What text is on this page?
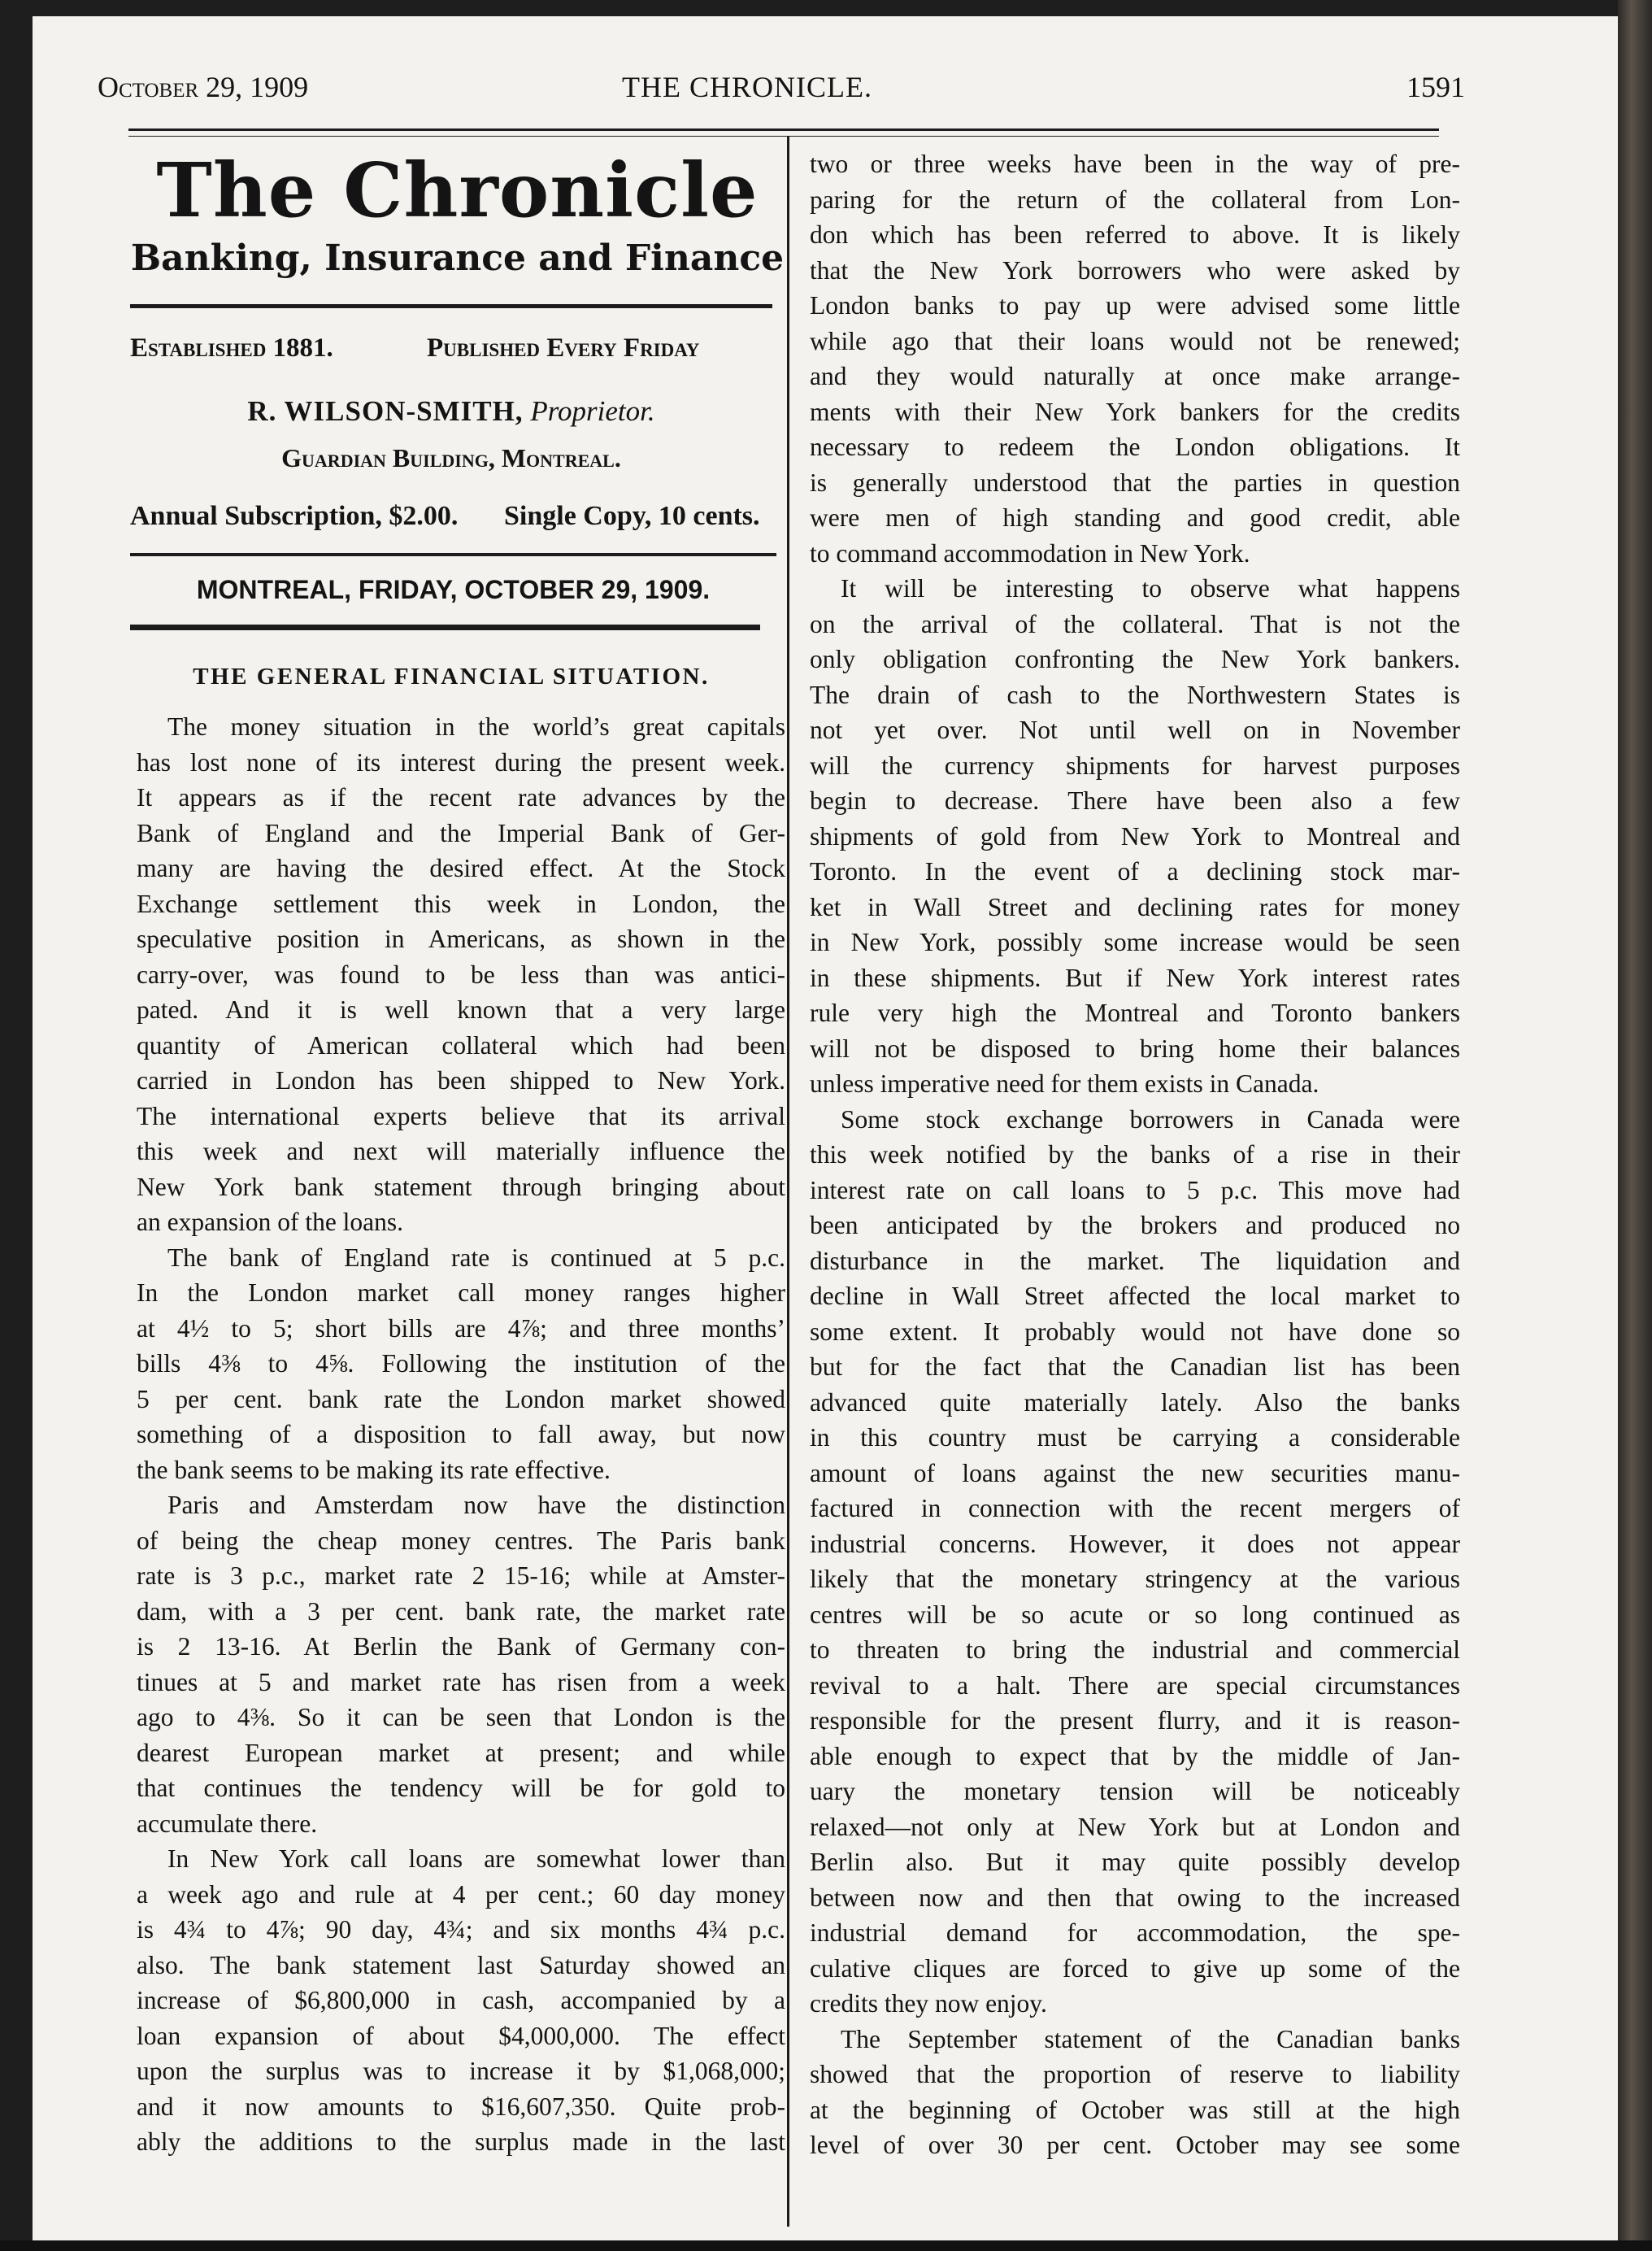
October 29, 1909	THE CHRONICLE.	1591
The Chronicle
Banking, Insurance and Finance
Established 1881.	Published Every Friday
R. WILSON-SMITH, Proprietor.
Guardian Building, Montreal.
Annual Subscription, $2.00. Single Copy, 10 cents.
MONTREAL, FRIDAY, OCTOBER 29, 1909.
THE GENERAL FINANCIAL SITUATION.
The money situation in the world’s great capitals
has lost none of its interest during the present week.
It appears as if the recent rate advances by the
Bank of England and the Imperial Bank of Ger-
many are having the desired effect. At the Stock
Exchange settlement this week in London, the
speculative position in Americans, as shown in the
carry-over, was found to be less than was antici-
pated. And it is well known that a very large
quantity of American collateral which had been
carried in London has been shipped to New York.
The international experts believe that its arrival
this week and next will materially influence the
New York bank statement through bringing about
an expansion of the loans.
The bank of England rate is continued at 5 p.c.
In the London market call money ranges higher
at 4½ to 5; short bills are 4⅞; and three months’
bills 4⅜ to 4⅝. Following the institution of the
5 per cent. bank rate the London market showed
something of a disposition to fall away, but now
the bank seems to be making its rate effective.
Paris and Amsterdam now have the distinction
of being the cheap money centres. The Paris bank
rate is 3 p.c., market rate 2 15-16; while at Amster-
dam, with a 3 per cent. bank rate, the market rate
is 2 13-16. At Berlin the Bank of Germany con-
tinues at 5 and market rate has risen from a week
ago to 4⅜. So it can be seen that London is the
dearest European market at present; and while
that continues the tendency will be for gold to
accumulate there.
In New York call loans are somewhat lower than
a week ago and rule at 4 per cent.; 60 day money
is 4¾ to 4⅞; 90 day, 4¾; and six months 4¾ p.c.
also. The bank statement last Saturday showed an
increase of $6,800,000 in cash, accompanied by a
loan expansion of about $4,000,000. The effect
upon the surplus was to increase it by $1,068,000;
and it now amounts to $16,607,350. Quite prob-
ably the additions to the surplus made in the last
two or three weeks have been in the way of pre-
paring for the return of the collateral from Lon-
don which has been referred to above. It is likely
that the New York borrowers who were asked by
London banks to pay up were advised some little
while ago that their loans would not be renewed;
and they would naturally at once make arrange-
ments with their New York bankers for the credits
necessary to redeem the London obligations. It
is generally understood that the parties in question
were men of high standing and good credit, able
to command accommodation in New York.
It will be interesting to observe what happens
on the arrival of the collateral. That is not the
only obligation confronting the New York bankers.
The drain of cash to the Northwestern States is
not yet over. Not until well on in November
will the currency shipments for harvest purposes
begin to decrease. There have been also a few
shipments of gold from New York to Montreal and
Toronto. In the event of a declining stock mar-
ket in Wall Street and declining rates for money
in New York, possibly some increase would be seen
in these shipments. But if New York interest rates
rule very high the Montreal and Toronto bankers
will not be disposed to bring home their balances
unless imperative need for them exists in Canada.
Some stock exchange borrowers in Canada were
this week notified by the banks of a rise in their
interest rate on call loans to 5 p.c. This move had
been anticipated by the brokers and produced no
disturbance in the market. The liquidation and
decline in Wall Street affected the local market to
some extent. It probably would not have done so
but for the fact that the Canadian list has been
advanced quite materially lately. Also the banks
in this country must be carrying a considerable
amount of loans against the new securities manu-
factured in connection with the recent mergers of
industrial concerns. However, it does not appear
likely that the monetary stringency at the various
centres will be so acute or so long continued as
to threaten to bring the industrial and commercial
revival to a halt. There are special circumstances
responsible for the present flurry, and it is reason-
able enough to expect that by the middle of Jan-
uary the monetary tension will be noticeably
relaxed—not only at New York but at London and
Berlin also. But it may quite possibly develop
between now and then that owing to the increased
industrial demand for accommodation, the spe-
culative cliques are forced to give up some of the
credits they now enjoy.
The September statement of the Canadian banks
showed that the proportion of reserve to liability
at the beginning of October was still at the high
level of over 30 per cent. October may see some
